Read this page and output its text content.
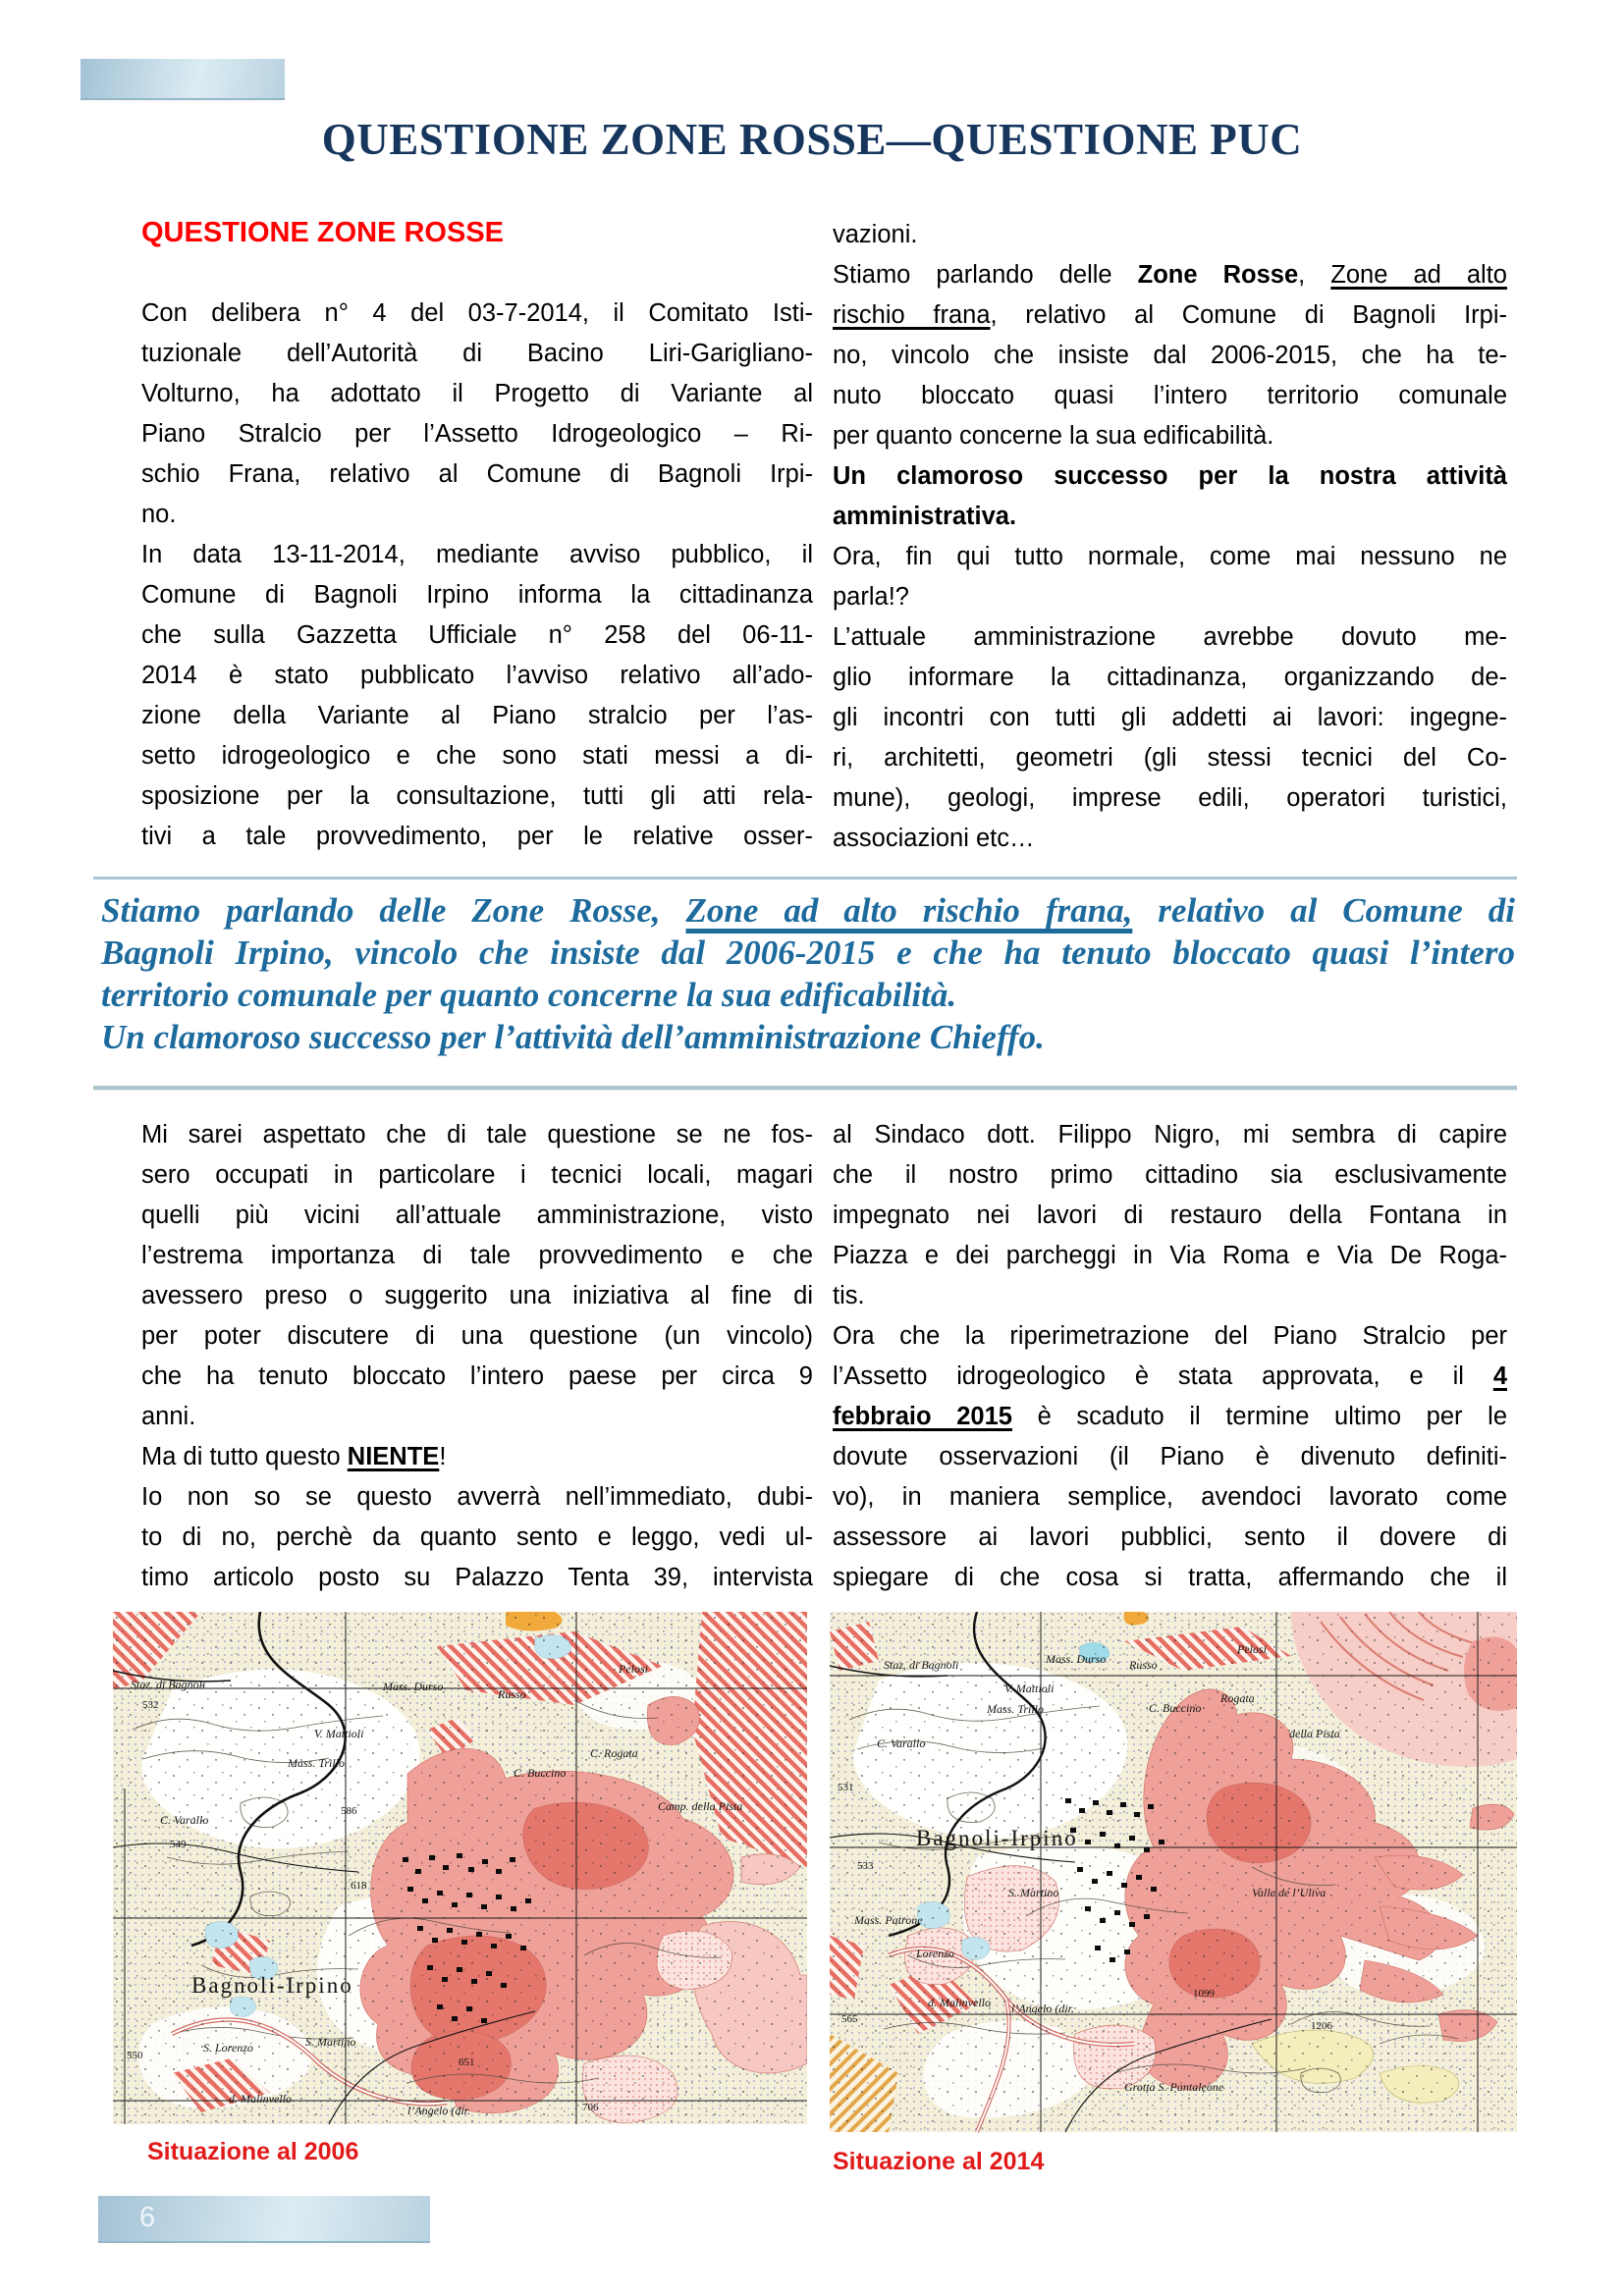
QUESTIONE ZONE ROSSE—QUESTIONE PUC
QUESTIONE ZONE ROSSE
Con delibera n° 4 del 03-7-2014, il Comitato Isti-
tuzionale dell’Autorità di Bacino Liri-Garigliano-
Volturno, ha adottato il Progetto di Variante al
Piano Stralcio per l’Assetto Idrogeologico – Ri-
schio Frana, relativo al Comune di Bagnoli Irpi-
no.
In data 13-11-2014, mediante avviso pubblico, il
Comune di Bagnoli Irpino informa la cittadinanza
che sulla Gazzetta Ufficiale n° 258 del 06-11-
2014 è stato pubblicato l’avviso relativo all’ado-
zione della Variante al Piano stralcio per l’as-
setto idrogeologico e che sono stati messi a di-
sposizione per la consultazione, tutti gli atti rela-
tivi a tale provvedimento, per le relative osser-
vazioni.
Stiamo parlando delle Zone Rosse, Zone ad alto
rischio frana, relativo al Comune di Bagnoli Irpi-
no, vincolo che insiste dal 2006-2015, che ha te-
nuto bloccato quasi l’intero territorio comunale
per quanto concerne la sua edificabilità.
Un clamoroso successo per la nostra attività
amministrativa.
Ora, fin qui tutto normale, come mai nessuno ne
parla!?
L’attuale amministrazione avrebbe dovuto me-
glio informare la cittadinanza, organizzando de-
gli incontri con tutti gli addetti ai lavori: ingegne-
ri, architetti, geometri (gli stessi tecnici del Co-
mune), geologi, imprese edili, operatori turistici,
associazioni etc…
Stiamo parlando delle Zone Rosse, Zone ad alto rischio frana, relativo al Comune di
Bagnoli Irpino, vincolo che insiste dal 2006-2015 e che ha tenuto bloccato quasi l’intero
territorio comunale per quanto concerne la sua edificabilità.
Un clamoroso successo per l’attività dell’amministrazione Chieffo.
Mi sarei aspettato che di tale questione se ne fos-
sero occupati in particolare i tecnici locali, magari
quelli più vicini all’attuale amministrazione, visto
l’estrema importanza di tale provvedimento e che
avessero preso o suggerito una iniziativa al fine di
per poter discutere di una questione (un vincolo)
che ha tenuto bloccato l’intero paese per circa 9
anni.
Ma di tutto questo NIENTE!
Io non so se questo avverrà nell’immediato, dubi-
to di no, perchè da quanto sento e leggo, vedi ul-
timo articolo posto su Palazzo Tenta 39, intervista
al Sindaco dott. Filippo Nigro, mi sembra di capire
che il nostro primo cittadino sia esclusivamente
impegnato nei lavori di restauro della Fontana in
Piazza e dei parcheggi in Via Roma e Via De Roga-
tis.
Ora che la riperimetrazione del Piano Stralcio per
l’Assetto idrogeologico è stata approvata, e il 4
febbraio 2015 è scaduto il termine ultimo per le
dovute osservazioni (il Piano è divenuto definiti-
vo), in maniera semplice, avendoci lavorato come
assessore ai lavori pubblici, sento il dovere di
spiegare di che cosa si tratta, affermando che il
Staz. di Bagnoli
532
Mass. Durso
Russo
Pelosi
V. Mattioli
Mass. Trillo
586
C. Varallo
549
C. Rogata
C. Buccino
Camp. della Pista
618
Bagnoli-Irpino
S. Martino
550
S. Lorenzo
d. Malinvello
l’Angelo (dir.
651
706
Staz. di Bagnoli	Mass. Durso Russo
Pelosi
V. Mattioli
Mass. Trillo
C. Varallo
C. Buccino
Rogata
della Pista
531
Bagnoli-Irpino
533
S. Martino
Mass. Patrone
Lorenzo
d. Malinvello l’Angelo (dir.
Valle de l’Uliva
1099
Grotta S. Pantaleone
1206
565
Situazione al 2006	Situazione al 2014
6
